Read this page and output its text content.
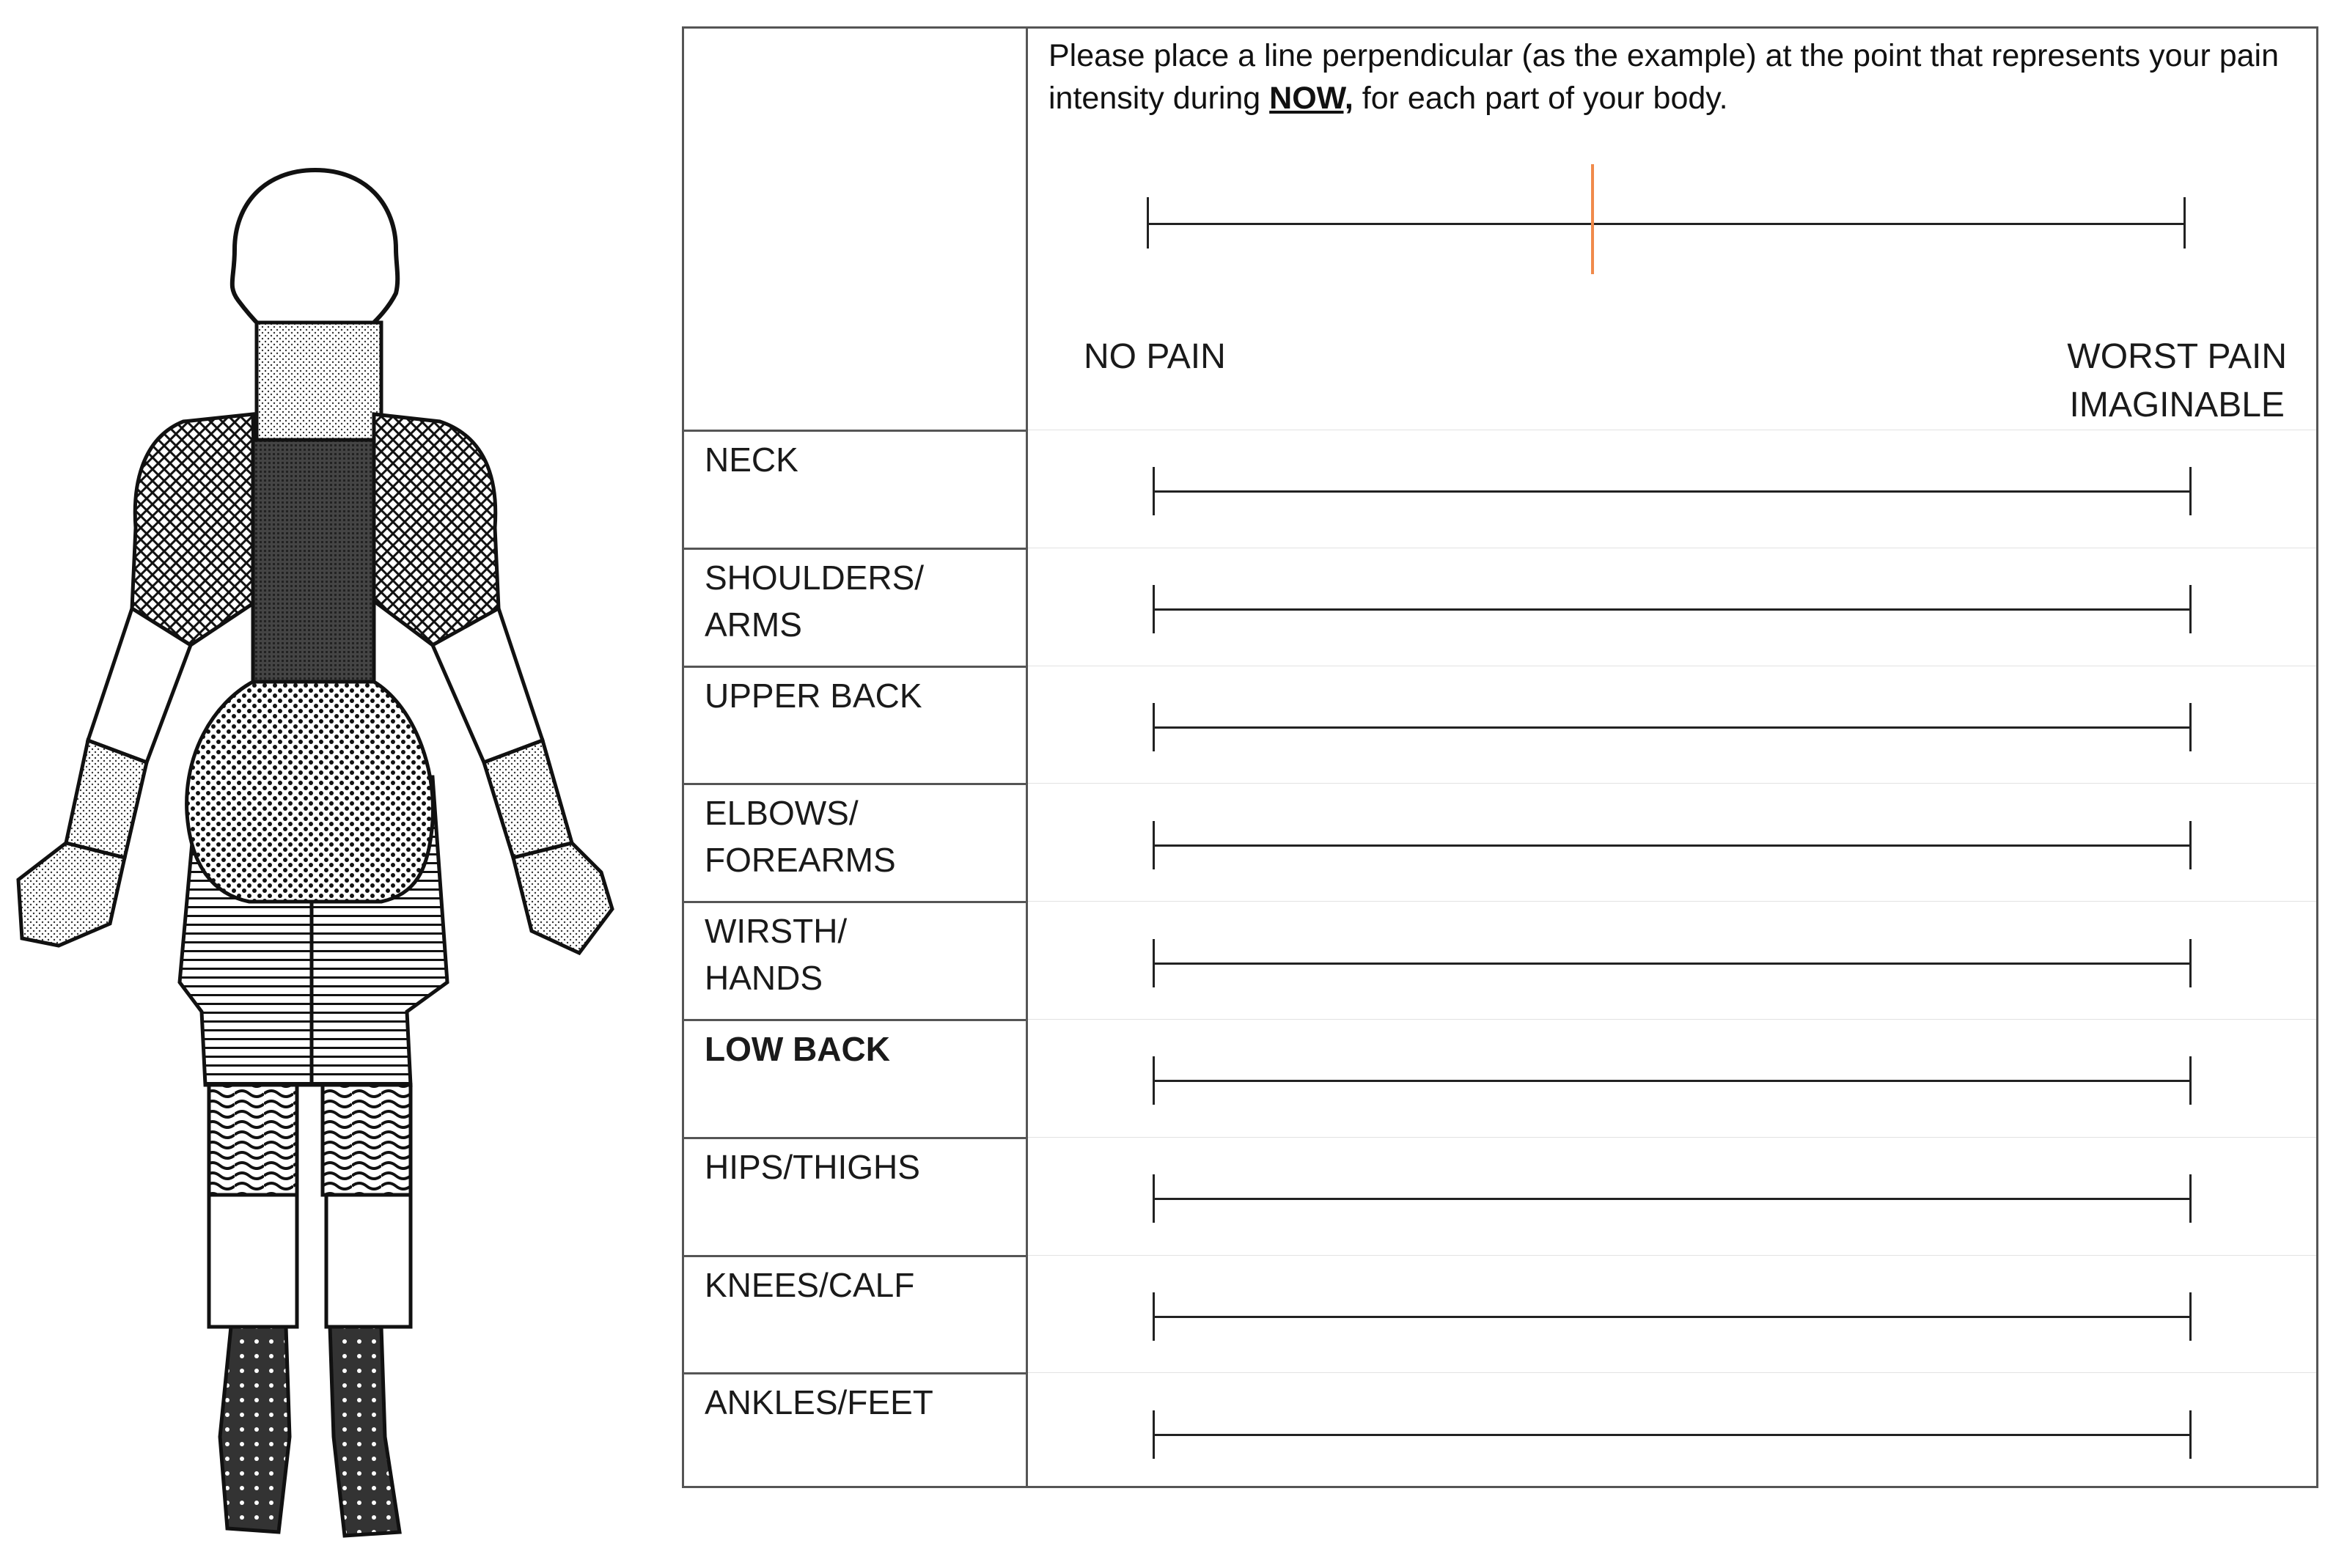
Please place a line perpendicular (as the example) at the point that represents your pain intensity during NOW, for each part of your body.
NO PAIN	WORST PAIN
IMAGINABLE
NECK
SHOULDERS/
ARMS
UPPER BACK
ELBOWS/
FOREARMS
WIRSTH/
HANDS
LOW BACK
HIPS/THIGHS
KNEES/CALF
ANKLES/FEET
